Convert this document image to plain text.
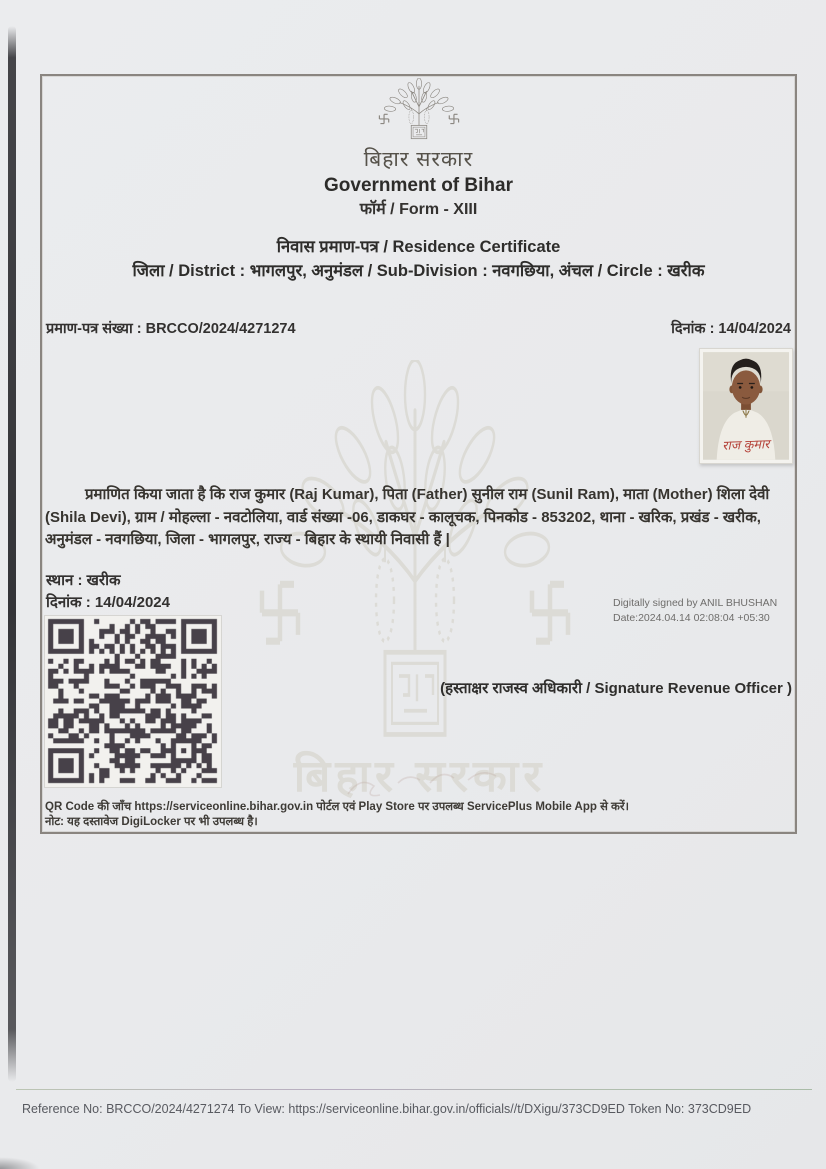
बिहार सरकार
बिहार सरकार
Government of Bihar
फॉर्म / Form - XIII
निवास प्रमाण-पत्र / Residence Certificate
जिला / District : भागलपुर, अनुमंडल / Sub-Division : नवगछिया, अंचल / Circle : खरीक
प्रमाण-पत्र संख्या : BRCCO/2024/4271274	दिनांक : 14/04/2024
राज कुमार
प्रमाणित किया जाता है कि राज कुमार (Raj Kumar), पिता (Father) सुनील राम (Sunil Ram), माता (Mother) शिला देवी (Shila Devi), ग्राम / मोहल्ला - नवटोलिया, वार्ड संख्या -06, डाकघर - कालूचक, पिनकोड - 853202, थाना - खरिक, प्रखंड - खरीक, अनुमंडल - नवगछिया, जिला - भागलपुर, राज्य - बिहार के स्थायी निवासी हैं |
स्थान : खरीक
दिनांक : 14/04/2024	Digitally signed by ANIL BHUSHAN
Date:2024.04.14 02:08:04 +05:30
(हस्ताक्षर राजस्व अधिकारी / Signature Revenue Officer )
QR Code की जाँच https://serviceonline.bihar.gov.in पोर्टल एवं Play Store पर उपलब्ध ServicePlus Mobile App से करें।
नोट: यह दस्तावेज DigiLocker पर भी उपलब्ध है।
Reference No: BRCCO/2024/4271274 To View: https://serviceonline.bihar.gov.in/officials//t/DXigu/373CD9ED Token No: 373CD9ED
